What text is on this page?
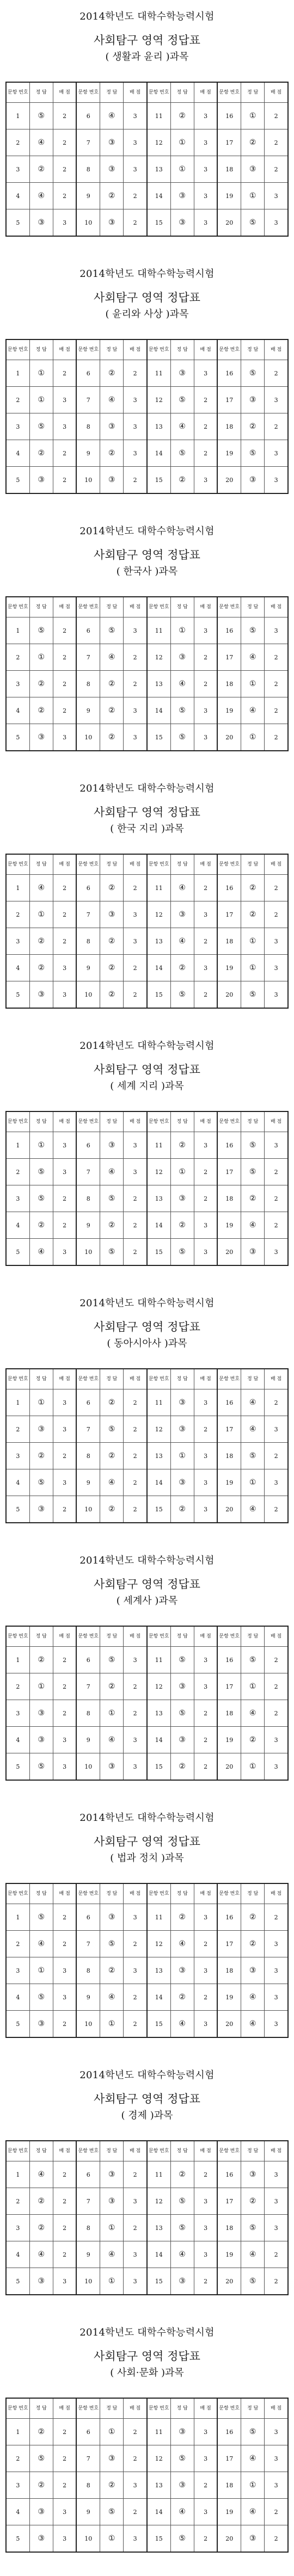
2014학년도 대학수학능력시험
사회탐구 영역 정답표
( 생활과 윤리 )과목
문항 번호	정 답	배 점	문항 번호	정 답	배 점	문항 번호	정 답	배 점	문항 번호	정 답	배 점
1	⑤	2	6	④	3	11	②	3	16	①	2
2	④	2	7	③	3	12	①	3	17	②	2
3	②	2	8	③	3	13	①	3	18	③	2
4	④	2	9	②	2	14	③	3	19	①	3
5	③	3	10	③	2	15	③	3	20	⑤	3
2014학년도 대학수학능력시험
사회탐구 영역 정답표
( 윤리와 사상 )과목
문항 번호	정 답	배 점	문항 번호	정 답	배 점	문항 번호	정 답	배 점	문항 번호	정 답	배 점
1	①	2	6	②	2	11	③	3	16	⑤	2
2	①	3	7	④	3	12	⑤	2	17	③	3
3	⑤	3	8	③	3	13	④	2	18	②	2
4	②	2	9	②	3	14	⑤	2	19	⑤	3
5	③	2	10	③	2	15	②	3	20	③	3
2014학년도 대학수학능력시험
사회탐구 영역 정답표
( 한국사 )과목
문항 번호	정 답	배 점	문항 번호	정 답	배 점	문항 번호	정 답	배 점	문항 번호	정 답	배 점
1	⑤	2	6	⑤	3	11	①	3	16	⑤	3
2	①	2	7	④	2	12	③	2	17	④	2
3	②	2	8	②	2	13	④	2	18	①	2
4	②	2	9	②	3	14	⑤	3	19	④	2
5	③	3	10	②	3	15	⑤	3	20	①	2
2014학년도 대학수학능력시험
사회탐구 영역 정답표
( 한국 지리 )과목
문항 번호	정 답	배 점	문항 번호	정 답	배 점	문항 번호	정 답	배 점	문항 번호	정 답	배 점
1	④	2	6	②	2	11	④	2	16	②	2
2	①	2	7	③	3	12	③	3	17	②	2
3	②	2	8	②	3	13	④	2	18	①	3
4	②	3	9	②	2	14	②	3	19	①	3
5	③	3	10	②	2	15	⑤	2	20	⑤	3
2014학년도 대학수학능력시험
사회탐구 영역 정답표
( 세계 지리 )과목
문항 번호	정 답	배 점	문항 번호	정 답	배 점	문항 번호	정 답	배 점	문항 번호	정 답	배 점
1	①	3	6	③	3	11	②	3	16	⑤	3
2	⑤	3	7	④	3	12	①	2	17	⑤	2
3	⑤	2	8	⑤	2	13	③	2	18	②	2
4	②	2	9	②	2	14	②	3	19	④	2
5	④	3	10	⑤	2	15	⑤	3	20	③	3
2014학년도 대학수학능력시험
사회탐구 영역 정답표
( 동아시아사 )과목
문항 번호	정 답	배 점	문항 번호	정 답	배 점	문항 번호	정 답	배 점	문항 번호	정 답	배 점
1	①	3	6	②	2	11	③	3	16	④	2
2	③	3	7	⑤	2	12	③	2	17	④	3
3	②	2	8	②	2	13	①	3	18	⑤	2
4	⑤	3	9	④	2	14	③	3	19	①	3
5	③	2	10	②	2	15	②	3	20	④	2
2014학년도 대학수학능력시험
사회탐구 영역 정답표
( 세계사 )과목
문항 번호	정 답	배 점	문항 번호	정 답	배 점	문항 번호	정 답	배 점	문항 번호	정 답	배 점
1	②	2	6	⑤	3	11	⑤	3	16	⑤	2
2	①	2	7	②	2	12	③	3	17	①	2
3	③	2	8	①	2	13	⑤	2	18	④	2
4	③	3	9	④	3	14	③	2	19	②	3
5	⑤	3	10	③	3	15	②	2	20	①	3
2014학년도 대학수학능력시험
사회탐구 영역 정답표
( 법과 정치 )과목
문항 번호	정 답	배 점	문항 번호	정 답	배 점	문항 번호	정 답	배 점	문항 번호	정 답	배 점
1	⑤	2	6	③	3	11	②	3	16	②	2
2	④	2	7	⑤	2	12	④	2	17	②	3
3	①	3	8	②	3	13	③	3	18	③	3
4	⑤	3	9	④	2	14	②	2	19	④	3
5	③	2	10	①	2	15	④	3	20	④	3
2014학년도 대학수학능력시험
사회탐구 영역 정답표
( 경제 )과목
문항 번호	정 답	배 점	문항 번호	정 답	배 점	문항 번호	정 답	배 점	문항 번호	정 답	배 점
1	④	2	6	③	2	11	②	2	16	③	3
2	②	2	7	③	3	12	⑤	3	17	②	3
3	②	2	8	①	2	13	⑤	3	18	⑤	3
4	④	2	9	④	3	14	④	3	19	④	2
5	③	3	10	①	3	15	③	2	20	⑤	2
2014학년도 대학수학능력시험
사회탐구 영역 정답표
( 사회·문화 )과목
문항 번호	정 답	배 점	문항 번호	정 답	배 점	문항 번호	정 답	배 점	문항 번호	정 답	배 점
1	②	2	6	①	2	11	③	3	16	⑤	3
2	⑤	2	7	③	2	12	⑤	3	17	④	3
3	②	2	8	②	3	13	③	2	18	①	3
4	③	3	9	⑤	2	14	④	3	19	④	2
5	③	3	10	①	3	15	⑤	2	20	③	2
